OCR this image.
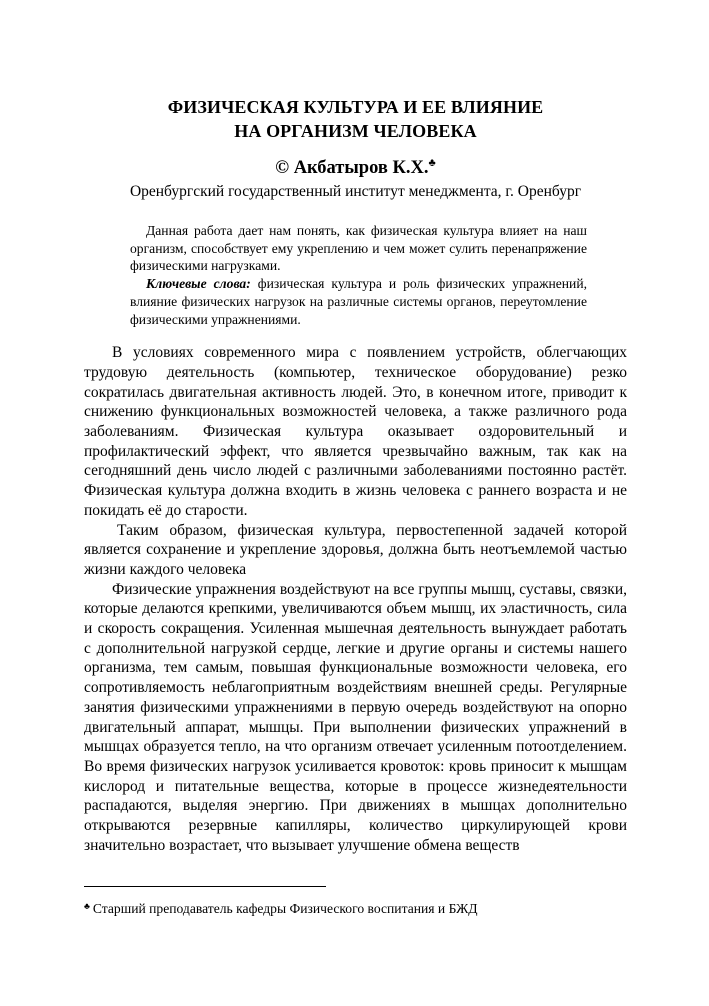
ФИЗИЧЕСКАЯ КУЛЬТУРА И ЕЕ ВЛИЯНИЕ
НА ОРГАНИЗМ ЧЕЛОВЕКА
© Акбатыров К.Х.♣
Оренбургский государственный институт менеджмента, г. Оренбург

Данная работа дает нам понять, как физическая культура влияет на наш организм, способствует ему укреплению и чем может сулить перенапряжение физическими нагрузками.

Ключевые слова: физическая культура и роль физических упражнений, влияние физических нагрузок на различные системы органов, переутомление физическими упражнениями.

В условиях современного мира с появлением устройств, облегчающих трудовую деятельность (компьютер, техническое оборудование) резко сократилась двигательная активность людей. Это, в конечном итоге, приводит к снижению функциональных возможностей человека, а также различного рода заболеваниям. Физическая культура оказывает оздоровительный и профилактический эффект, что является чрезвычайно важным, так как на сегодняшний день число людей с различными заболеваниями постоянно растёт. Физическая культура должна входить в жизнь человека с раннего возраста и не покидать её до старости.

Таким образом, физическая культура, первостепенной задачей которой является сохранение и укрепление здоровья, должна быть неотъемлемой частью жизни каждого человека

Физические упражнения воздействуют на все группы мышц, суставы, связки, которые делаются крепкими, увеличиваются объем мышц, их эластичность, сила и скорость сокращения. Усиленная мышечная деятельность вынуждает работать с дополнительной нагрузкой сердце, легкие и другие органы и системы нашего организма, тем самым, повышая функциональные возможности человека, его сопротивляемость неблагоприятным воздействиям внешней среды. Регулярные занятия физическими упражнениями в первую очередь воздействуют на опорно двигательный аппарат, мышцы. При выполнении физических упражнений в мышцах образуется тепло, на что организм отвечает усиленным потоотделением. Во время физических нагрузок усиливается кровоток: кровь приносит к мышцам кислород и питательные вещества, которые в процессе жизнедеятельности распадаются, выделяя энергию. При движениях в мышцах дополнительно открываются резервные капилляры, количество циркулирующей крови значительно возрастает, что вызывает улучшение обмена веществ

♣ Старший преподаватель кафедры Физического воспитания и БЖД
